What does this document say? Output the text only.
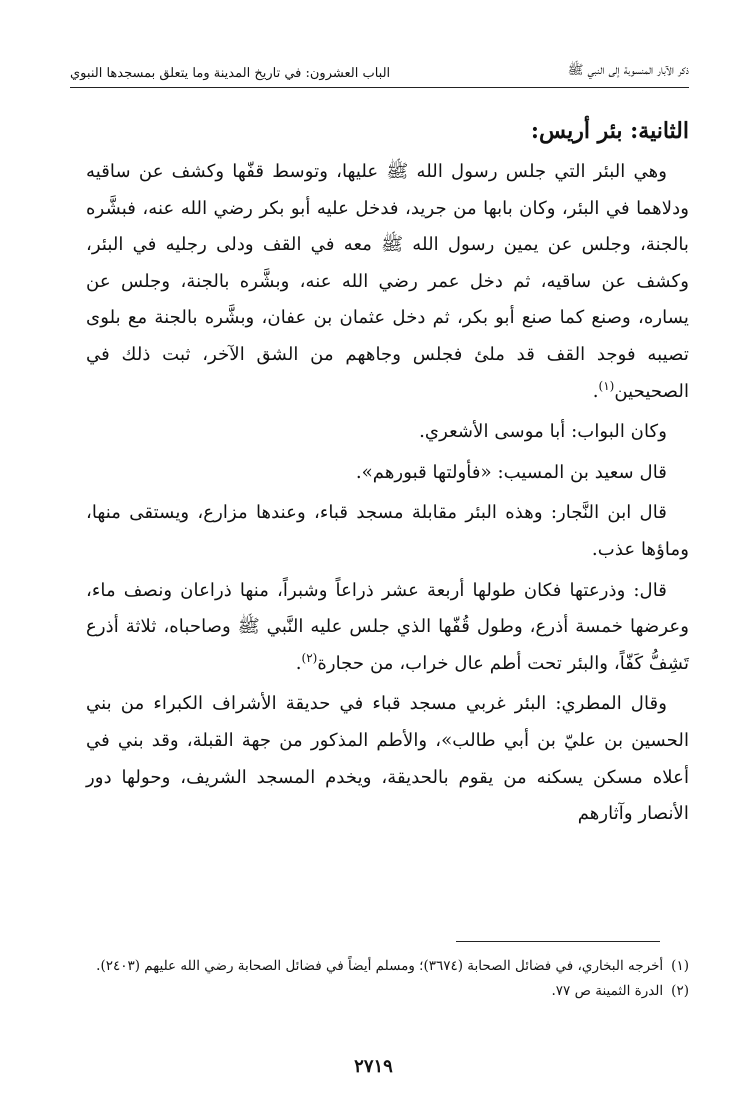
ذكر الآبار المنسوبة إلى النبي ﷺ
الباب العشرون: في تاريخ المدينة وما يتعلق بمسجدها النبوي
الثانية: بئر أريس:

وهي البئر التي جلس رسول الله ﷺ عليها، وتوسط قفّها وكشف عن ساقيه ودلاهما في البئر، وكان بابها من جريد، فدخل عليه أبو بكر رضي الله عنه، فبشَّره بالجنة، وجلس عن يمين رسول الله ﷺ معه في القف ودلى رجليه في البئر، وكشف عن ساقيه، ثم دخل عمر رضي الله عنه، وبشَّره بالجنة، وجلس عن يساره، وصنع كما صنع أبو بكر، ثم دخل عثمان بن عفان، وبشَّره بالجنة مع بلوى تصيبه فوجد القف قد ملئ فجلس وجاههم من الشق الآخر، ثبت ذلك في الصحيحين$^{(١)}$.

وكان البواب: أبا موسى الأشعري.

قال سعيد بن المسيب: «فأولتها قبورهم».

قال ابن النَّجار: وهذه البئر مقابلة مسجد قباء، وعندها مزارع، ويستقى منها، وماؤها عذب.

قال: وذرعتها فكان طولها أربعة عشر ذراعاً وشبراً، منها ذراعان ونصف ماء، وعرضها خمسة أذرع، وطول قُفّها الذي جلس عليه النَّبي ﷺ وصاحباه، ثلاثة أذرع تَشِفُّ كَفّاً، والبئر تحت أطم عال خراب، من حجارة$^{(٢)}$.

وقال المطري: البئر غربي مسجد قباء في حديقة الأشراف الكبراء من بني الحسين بن عليّ بن أبي طالب»، والأطم المذكور من جهة القبلة، وقد بني في أعلاه مسكن يسكنه من يقوم بالحديقة، ويخدم المسجد الشريف، وحولها دور الأنصار وآثارهم

(١)أخرجه البخاري، في فضائل الصحابة (٣٦٧٤)؛ ومسلم أيضاً في فضائل الصحابة رضي الله عليهم (٢٤٠٣).

(٢)الدرة الثمينة ص ٧٧.

٢٧١٩
